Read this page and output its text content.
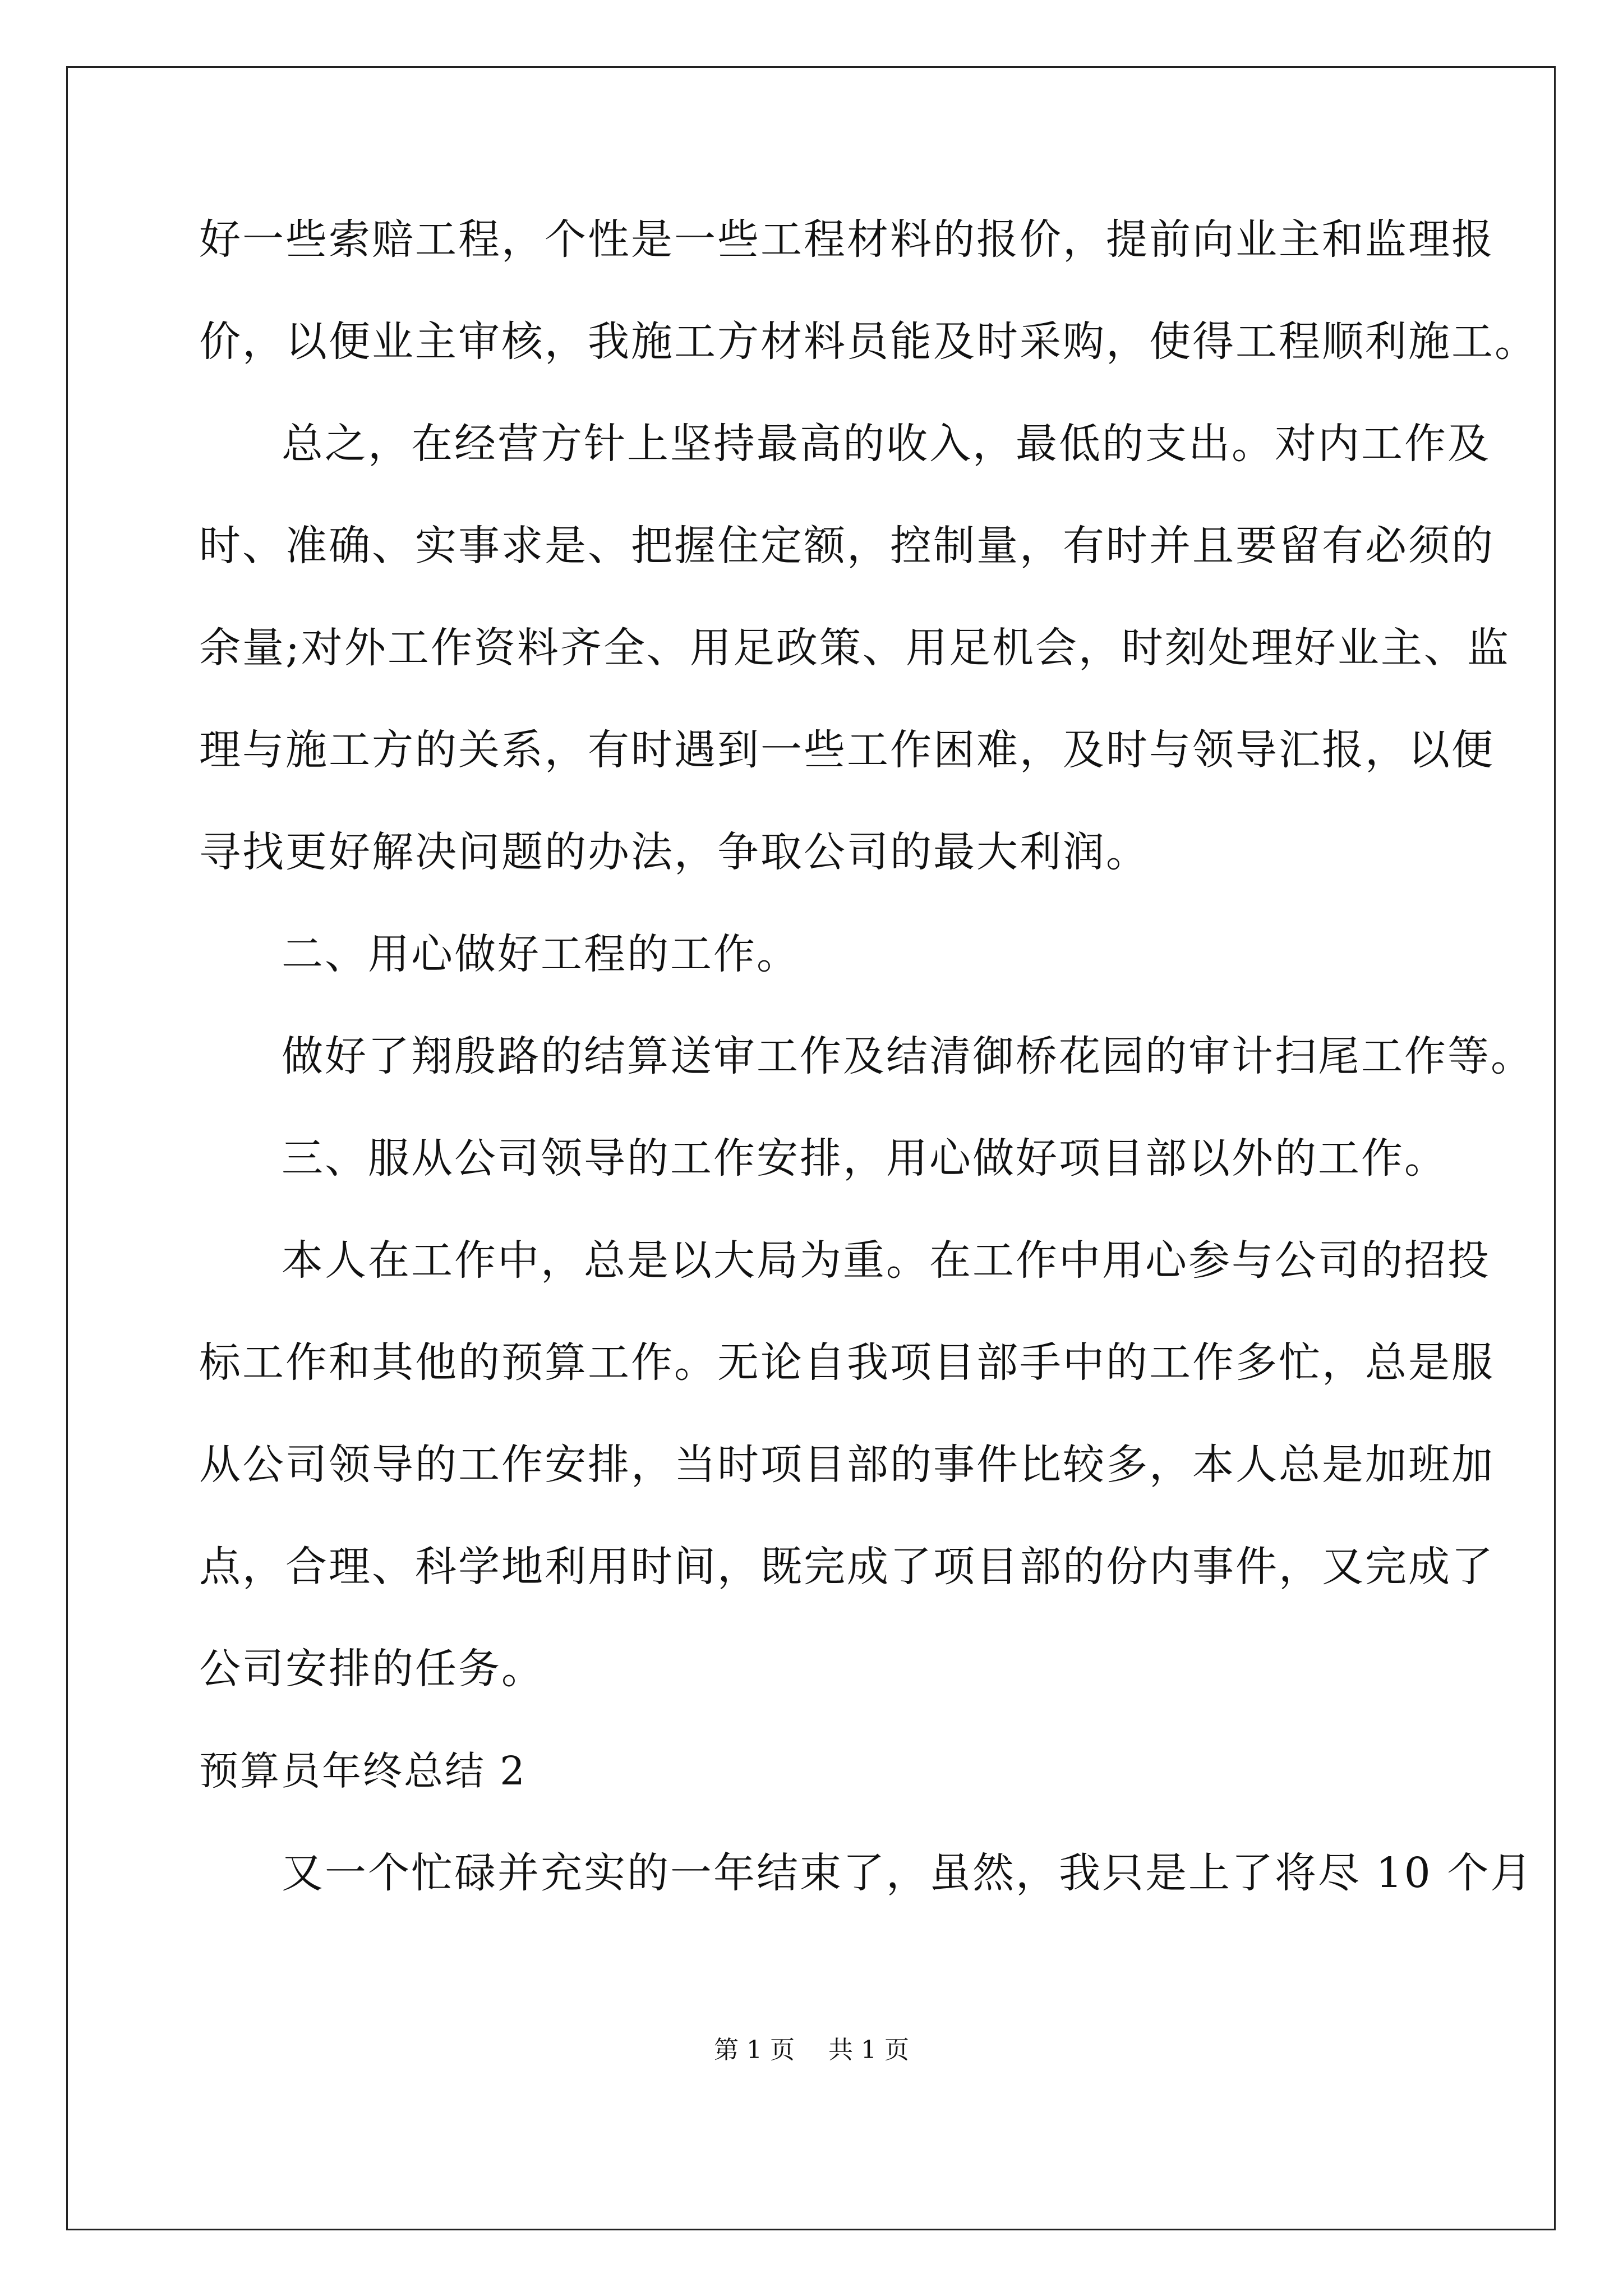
好一些索赔工程，个性是一些工程材料的报价，提前向业主和监理报
价，以便业主审核，我施工方材料员能及时采购，使得工程顺利施工。
总之，在经营方针上坚持最高的收入，最低的支出。对内工作及
时、准确、实事求是、把握住定额，控制量，有时并且要留有必须的
余量;对外工作资料齐全、用足政策、用足机会，时刻处理好业主、监
理与施工方的关系，有时遇到一些工作困难，及时与领导汇报，以便
寻找更好解决问题的办法，争取公司的最大利润。
二、用心做好工程的工作。
做好了翔殷路的结算送审工作及结清御桥花园的审计扫尾工作等。
三、服从公司领导的工作安排，用心做好项目部以外的工作。
本人在工作中，总是以大局为重。在工作中用心参与公司的招投
标工作和其他的预算工作。无论自我项目部手中的工作多忙，总是服
从公司领导的工作安排，当时项目部的事件比较多，本人总是加班加
点，合理、科学地利用时间，既完成了项目部的份内事件，又完成了
公司安排的任务。
预算员年终总结 2
又一个忙碌并充实的一年结束了，虽然，我只是上了将尽 10 个月
第 1 页 共 1 页
